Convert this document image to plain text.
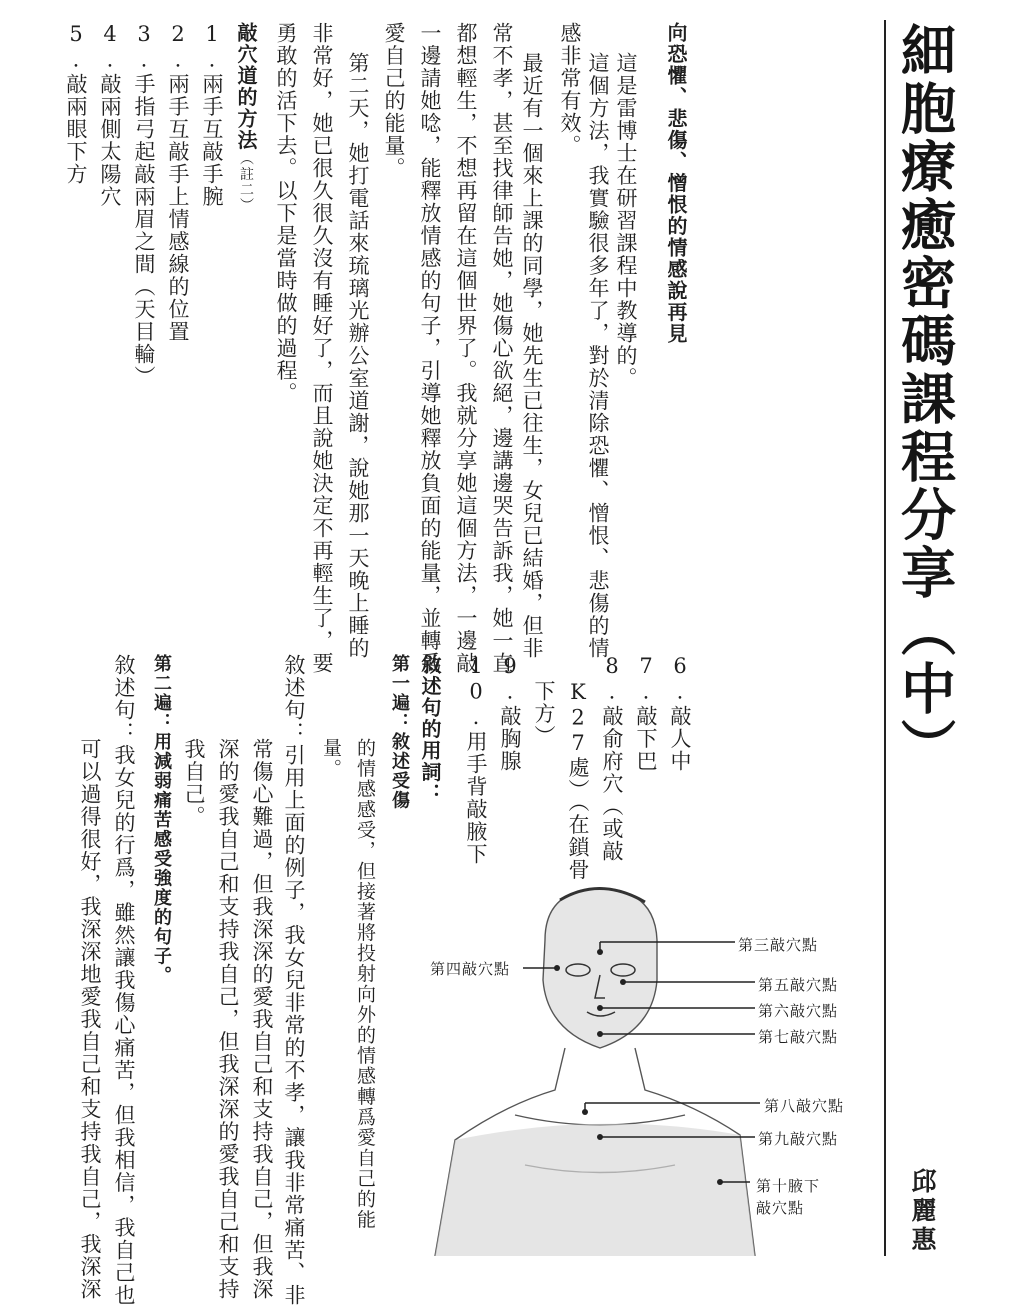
細胞療癒密碼課程分享（中）
邱麗惠
向恐懼、悲傷、憎恨的情感說再見
這是雷博士在研習課程中教導的。
這個方法，我實驗很多年了，對於清除恐懼、憎恨、悲傷的情
感非常有效。
最近有一個來上課的同學，她先生已往生，女兒已結婚，但非
常不孝，甚至找律師告她，她傷心欲絕，邊講邊哭告訴我，她一直
都想輕生，不想再留在這個世界了。我就分享她這個方法，一邊敲
一邊請她唸，能釋放情感的句子，引導她釋放負面的能量，並轉爲
愛自己的能量。
第二天，她打電話來琉璃光辦公室道謝，說她那一天晚上睡的
非常好，她已很久很久沒有睡好了，而且說她決定不再輕生了，要
勇敢的活下去。以下是當時做的過程。
敲穴道的方法（註二）
1.兩手互敲手腕
2.兩手互敲手上情感線的位置
3.手指弓起敲兩眉之間（天目輪）
4.敲兩側太陽穴
5.敲兩眼下方
6.敲人中
7.敲下巴
8.敲俞府穴（或敲
K27處）（在鎖骨
下方）
9.敲胸腺
10.用手背敲腋下
敘述句的用詞：
第一遍：敘述受傷
的情感感受，但接著將投射向外的情感轉爲愛自己的能
量。
敘述句：引用上面的例子，我女兒非常的不孝，讓我非常痛苦、非
常傷心難過，但我深深的愛我自己和支持我自己，但我深
深的愛我自己和支持我自己，但我深深的愛我自己和支持
我自己。
第二遍：用減弱痛苦感受強度的句子。
敘述句：我女兒的行爲，雖然讓我傷心痛苦，但我相信，我自己也
可以過得很好，我深深地愛我自己和支持我自己，我深深	第三敲穴點
第四敲穴點
第五敲穴點
第六敲穴點
第七敲穴點
第八敲穴點
第九敲穴點
第十腋下
敲穴點
